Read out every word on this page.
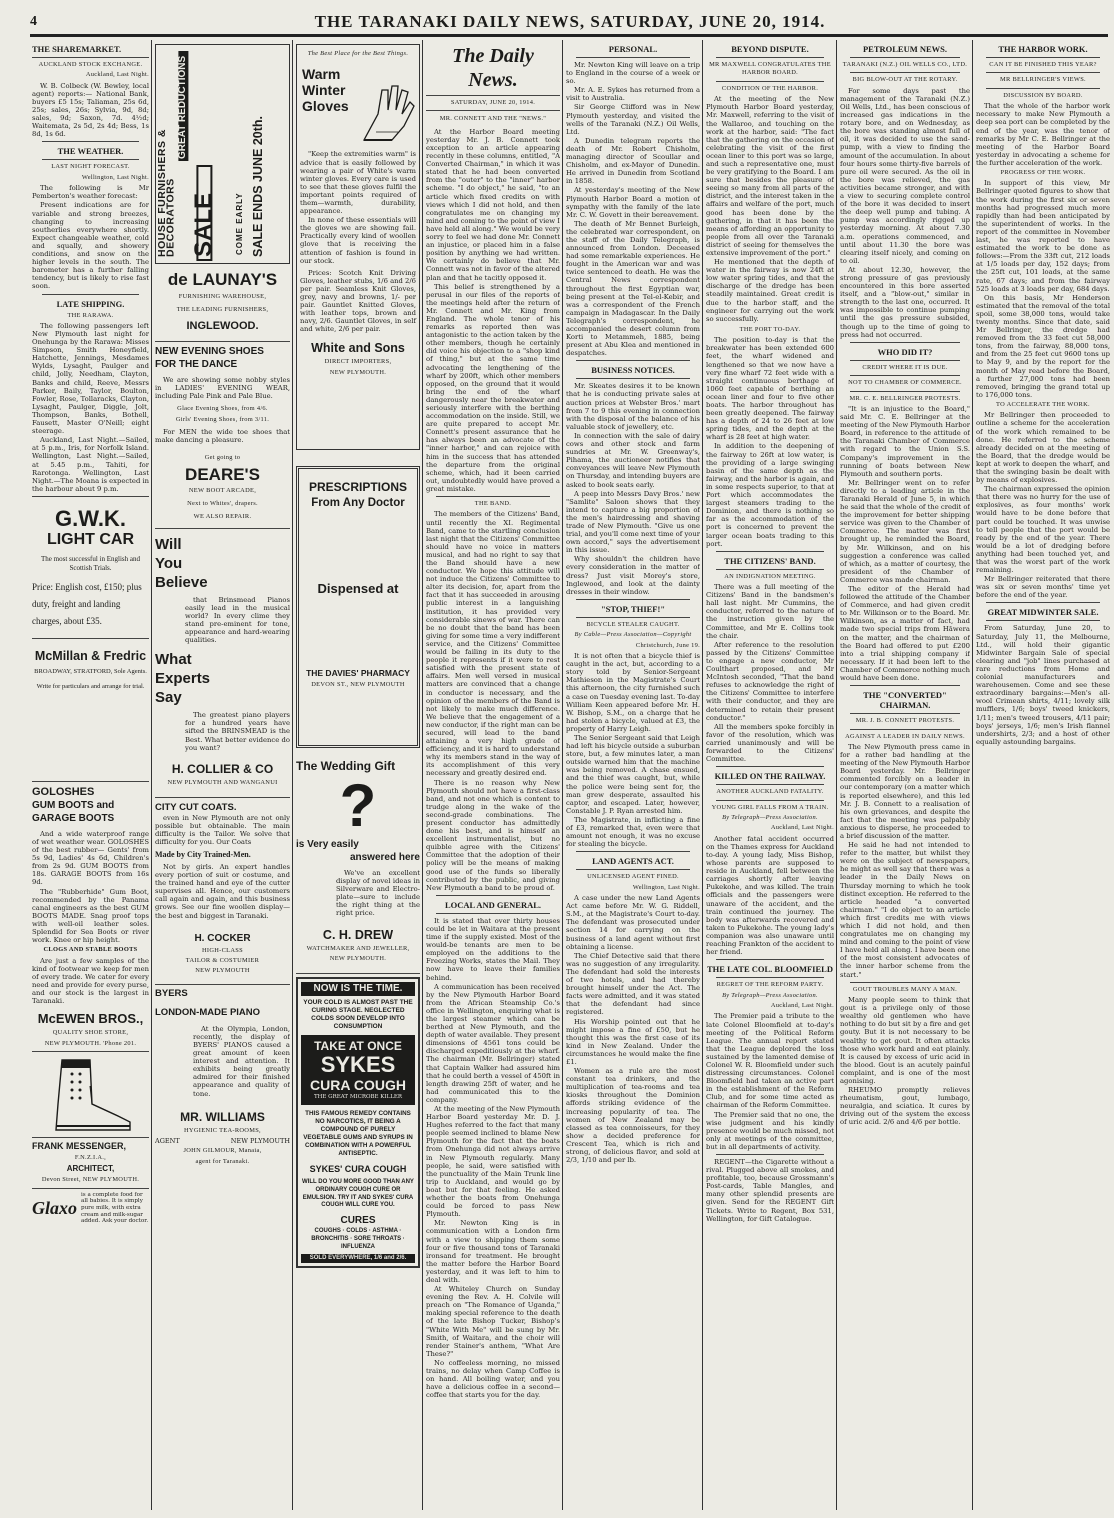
4	THE TARANAKI DAILY NEWS, SATURDAY, JUNE 20, 1914.
THE SHAREMARKET.
AUCKLAND STOCK EXCHANGE.
Auckland, Last Night.

W. B. Colbeck (W. Bewley, local agent) reports:— National Bank, buyers £5 15s; Taliaman, 25s 6d, 25s; sales, 26s; Sylvia, 9d, 8d; sales, 9d; Saxon, 7d. 4½d; Waitemata, 2s 5d, 2s 4d; Bess, 1s 8d, 1s 6d.

THE WEATHER.
LAST NIGHT FORECAST.
Wellington, Last Night.

The following is Mr Pemberton's weather forecast:

Present indications are for variable and strong breezes, changing to increasing southerlies everywhere shortly. Expect changeable weather, cold and squally, and showery conditions, and snow on the higher levels in the south. The barometer has a further falling tendency, but is likely to rise fast soon.

LATE SHIPPING.
THE RARAWA.

The following passengers left New Plymouth last night for Onehunga by the Rarawa: Misses Simpson, Smith Honeyfield, Hatchette, Jennings, Mesdames Wylds, Lysaght, Paulger and child, Jolly, Needham, Clayton, Banks and child, Reeve, Messrs Parker, Baily, Taylor, Boulton, Fowler, Rose, Tollaracks, Clayton, Lysaght, Paulger, Diggle, Jolt, Thompson, Banks, Bothell, Fausett, Master O'Neill; eight steerage.

Auckland, Last Night.—Sailed, at 5 p.m., Iris, for Norfolk Island. Wellington, Last Night.—Sailed, at 5.45 p.m., Tahiti, for Rarotonga. Wellington, Last Night.—The Moana is expected in the harbour about 9 p.m.

G.W.K.
LIGHT CAR
The most successful in English and Scottish Trials.
Price: English cost, £150; plus duty, freight and landing charges, about £35.
McMillan & Fredric
BROADWAY, STRATFORD, Sole Agents.
Write for particulars and arrange for trial.
GOLOSHES
GUM BOOTS and
GARAGE BOOTS

And a wide waterproof range of wet weather wear. GOLOSHES of the best rubber— Gents' from 5s 9d, Ladies' 4s 6d, Children's from 2s 9d. GUM BOOTS from 18s. GARAGE BOOTS from 16s 9d.

The "Rubberhide" Gum Boot, recommended by the Panama canal engineers as the best GUM BOOTS MADE. Snag proof tops with well-oil leather soles. Splendid for Sea Boots or river work. Knee or hip height.

CLOGS AND STABLE BOOTS

Are just a few samples of the kind of footwear we keep for men of every trade. We cater for every need and provide for every purse, and our stock is the largest in Taranaki.

McEWEN BROS.,
QUALITY SHOE STORE,
NEW PLYMOUTH. 'Phone 201.
FRANK MESSENGER,
F.N.Z.I.A.,
ARCHITECT,
Devon Street, NEW PLYMOUTH.
Glaxo
is a complete food for all babies. It is simply pure milk, with extra cream and milk-sugar added. Ask your doctor.
HOUSE FURNISHERS & DECORATORS
GREAT REDUCTIONS
SALE COME EARLY SALE ENDS JUNE 20th.
de LAUNAY'S
FURNISHING WAREHOUSE,
THE LEADING FURNISHERS,
INGLEWOOD.
NEW EVENING SHOES
FOR THE DANCE

We are showing some nobby styles in LADIES' EVENING WEAR, including Pale Pink and Pale Blue.

Glace Evening Shoes, from 4/6.
Girls' Evening Shoes, from 3/11.

For MEN the wide toe shoes that make dancing a pleasure.

Get going to
DEARE'S
NEW BOOT ARCADE,
Next to Whites', drapers.
WE ALSO REPAIR.
Will
You
Believe

that Brinsmead Pianos easily lead in the musical world? In every clime they stand pre-eminent for tone, appearance and hard-wearing qualities.

What
Experts
Say

The greatest piano players for a hundred years have sifted the BRINSMEAD is the Best. What better evidence do you want?

H. COLLIER & CO
NEW PLYMOUTH AND WANGANUI
CITY CUT COATS.

even in New Plymouth are not only possible but obtainable. The main difficulty is the Tailor. We solve that difficulty for you. Our Coats

Made by City Trained-Men.

Not by girls. An expert handles every portion of suit or costume, and the trained hand and eye of the cutter supervises all. Hence, our customers call again and again, and this business grows. See our fine woollen display—the best and biggest in Taranaki.

H. COCKER
HIGH-CLASS
TAILOR & COSTUMIER
NEW PLYMOUTH
BYERS
LONDON-MADE PIANO

At the Olympia, London, recently, the display of BYERS' PIANOS caused a great amount of keen interest and attention. It exhibits being greatly admired for their finished appearance and quality of tone.

MR. WILLIAMS
HYGIENIC TEA-ROOMS,
AGENT	NEW PLYMOUTH
JOHN GILMOUR, Manaia,
agent for Taranaki.
The Best Place for the Best Things.
Warm
Winter
Gloves

"Keep the extremities warm" is advice that is easily followed by wearing a pair of White's warm winter gloves. Every care is used to see that these gloves fulfil the important points required of them—warmth, durability, appearance.

In none of these essentials will the gloves we are showing fail. Practically every kind of woollen glove that is receiving the attention of fashion is found in our stock.

Prices: Scotch Knit Driving Gloves, leather stubs, 1/6 and 2/6 per pair. Seamless Knit Gloves, grey, navy and browns, 1/- per pair. Gauntlet Knitted Gloves, with leather tops, brown and navy, 2/6. Gauntlet Gloves, in self and white, 2/6 per pair.

White and Sons
DIRECT IMPORTERS,
NEW PLYMOUTH.
PRESCRIPTIONS
From Any Doctor
Dispensed at
THE DAVIES' PHARMACY
DEVON ST., NEW PLYMOUTH
The Wedding Gift
?
is Very easily
answered here

We've an excellent display of novel ideas in Silverware and Electro-plate—sure to include the right thing at the right price.

C. H. DREW
WATCHMAKER AND JEWELLER,
NEW PLYMOUTH.
NOW IS THE TIME.
YOUR COLD IS ALMOST PAST THE CURING STAGE. NEGLECTED COLDS SOON DEVELOP INTO CONSUMPTION
TAKE AT ONCE
SYKES
CURA COUGH
THE GREAT MICROBE KILLER
THIS FAMOUS REMEDY CONTAINS NO NARCOTICS, IT BEING A COMPOUND OF PURELY VEGETABLE GUMS AND SYRUPS IN COMBINATION WITH A POWERFUL ANTISEPTIC.
SYKES' CURA COUGH
WILL DO YOU MORE GOOD THAN ANY ORDINARY COUGH CURE OR EMULSION. TRY IT AND SYKES' CURA COUGH WILL CURE YOU.
CURES
COUGHS · COLDS · ASTHMA · BRONCHITIS · SORE THROATS · INFLUENZA
SOLD EVERYWHERE, 1/6 and 2/6.
The Daily News.
SATURDAY, JUNE 20, 1914.
MR. CONNETT AND THE "NEWS."

At the Harbor Board meeting yesterday Mr. J. B. Connett took exception to an article appearing recently in these columns, entitled, "A Converted Chairman," in which it was stated that he had been converted from the "outer" to the "inner" harbor scheme. "I do object," he said, "to an article which fixed credits on with views which I did not hold, and then congratulates me on changing my mind and coming to the point of view I have held all along." We would be very sorry to feel we had done Mr. Connett an injustice, or placed him in a false position by anything we had written. We certainly do believe that Mr. Connett was not in favor of the altered plan and that he tacitly opposed it.

This belief is strengthened by a perusal in our files of the reports of the meetings held after the return of Mr. Connett and Mr. King from England. The whole tenor of his remarks as reported then was antagonistic to the action taken by the other members, though he certainly did voice his objection to a "shop kind of thing," but at the same time advocating the lengthening of the wharf by 200ft, which other members opposed, on the ground that it would bring the end of the wharf dangerously near the breakwater and seriously interfere with the berthing accommodation on the inside. Still, we are quite prepared to accept Mr. Connett's present assurance that he has always been an advocate of the "inner harbor," and can rejoice with him in the success that has attended the departure from the original scheme, which, had it been carried out, undoubtedly would have proved a great mistake.

THE BAND.

The members of the Citizens' Band, until recently the XI. Regimental Band, came to the startling conclusion last night that the Citizens' Committee should have no voice in matters musical, and had no right to say that the Band should have a new conductor. We hope this attitude will not induce the Citizens' Committee to alter its decision, for, apart from the fact that it has succeeded in arousing public interest in a languishing institution, it has provided very considerable sinews of war. There can be no doubt that the band has been giving for some time a very indifferent service, and the Citizens' Committee would be failing in its duty to the people it represents if it were to rest satisfied with the present state of affairs. Men well versed in musical matters are convinced that a change in conductor is necessary, and the opinion of the members of the Band is not likely to make much difference. We believe that the engagement of a new conductor, if the right man can be secured, will lead to the band attaining a very high grade of efficiency, and it is hard to understand why its members stand in the way of its accomplishment of this very necessary and greatly desired end.

There is no reason why New Plymouth should not have a first-class band, and not one which is content to trudge along in the wake of the second-grade combinations. The present conductor has admittedly done his best, and is himself an excellent instrumentalist, but no quibble agree with the Citizens' Committee that the adoption of their policy will be the means of making good use of the funds so liberally contributed by the public, and giving New Plymouth a band to be proud of.

LOCAL AND GENERAL.

It is stated that over thirty houses could be let in Waitara at the present time if the supply existed. Most of the would-be tenants are men to be employed on the additions to the Freezing Works, states the Mail. They now have to leave their families behind.

A communication has been received by the New Plymouth Harbor Board from the African Steamship Co.'s office in Wellington, enquiring what is the largest steamer which can be berthed at New Plymouth, and the depth of water available. They present dimensions of 4561 tons could be discharged expeditiously at the wharf. The chairman (Mr. Bellringer) stated that Captain Walker had assured him that he could berth a vessel of 450ft in length drawing 25ft of water, and he had communicated this to the company.

At the meeting of the New Plymouth Harbor Board yesterday Mr. D. J. Hughes referred to the fact that many people seemed inclined to blame New Plymouth for the fact that the boats from Onehunga did not always arrive in New Plymouth regularly. Many people, he said, were satisfied with the punctuality of the Main Trunk line trip to Auckland, and would go by boat but for that feeling. He asked whether the boats from Onehunga could be forced to pass New Plymouth.

Mr. Newton King is in communication with a London firm with a view to shipping them some four or five thousand tons of Taranaki ironsand for treatment. He brought the matter before the Harbor Board yesterday, and it was left to him to deal with.

At Whiteley Church on Sunday evening the Rev. A. H. Colvile will preach on "The Romance of Uganda," making special reference to the death of the late Bishop Tucker, Bishop's "White With Me" will be sung by Mr. Smith, of Waitara, and the choir will render Stainer's anthem, "What Are These?"

No coffeeless morning, no missed trains, no delay when Camp Coffee is on hand. All boiling water, and you have a delicious coffee in a second—coffee that starts you for the day.

PERSONAL.

Mr. Newton King will leave on a trip to England in the course of a week or so.

Mr. A. E. Sykes has returned from a visit to Australia.

Sir George Clifford was in New Plymouth yesterday, and visited the wells of the Taranaki (N.Z.) Oil Wells, Ltd.

A Dunedin telegram reports the death of Mr. Robert Chisholm, managing director of Scoullar and Chisholm, and ex-Mayor of Dunedin. He arrived in Dunedin from Scotland in 1858.

At yesterday's meeting of the New Plymouth Harbor Board a motion of sympathy with the family of the late Mr. C. W. Govett in their bereavement.

The death of Mr Bennet Burleigh, the celebrated war correspondent, on the staff of the Daily Telegraph, is announced from London. Deceased had some remarkable experiences. He fought in the American war and was twice sentenced to death. He was the Central News correspondent throughout the first Egyptian war, being present at the Tel-el-Kebir, and was a correspondent of the French campaign in Madagascar. In the Daily Telegraph's correspondent, he accompanied the desert column from Korti to Metammeh, 1885, being present at Abu Klea and mentioned in despatches.

BUSINESS NOTICES.

Mr. Skeates desires it to be known that he is conducting private sales at auction prices at Webster Bros.' mart from 7 to 9 this evening in connection with the disposal of the balance of his valuable stock of jewellery, etc.

In connection with the sale of dairy cows and other stock and farm sundries at Mr. W. Greenway's, Pihama, the auctioneer notifies that conveyances will leave New Plymouth on Thursday, and intending buyers are asked to book seats early.

A peep into Messrs Davy Bros.' new "Samlite" Saloon shows that they intend to capture a big proportion of the men's hairdressing and shaving trade of New Plymouth. "Give us one trial, and you'll come next time of your own accord," says the advertisement in this issue.

Why shouldn't the children have every consideration in the matter of dress? Just visit Morey's store, Inglewood, and look at the dainty dresses in their window.

"STOP, THIEF!"
BICYCLE STEALER CAUGHT.
By Cable—Press Association—Copyright
Christchurch, June 19.

It is not often that a bicycle thief is caught in the act, but, according to a story told by Senior-Sergeant Mathieson in the Magistrate's Court this afternoon, the city furnished such a case on Tuesday evening last. To-day William Keen appeared before Mr. H. W. Bishop, S.M., on a charge that he had stolen a bicycle, valued at £3, the property of Harry Leigh.

The Senior Sergeant said that Leigh had left his bicycle outside a suburban store, but, a few minutes later, a man outside warned him that the machine was being removed. A chase ensued, and the thief was caught, but, while the police were being sent for, the man grew desperate, assaulted his captor, and escaped. Later, however, Constable J. P. Ryan arrested him.

The Magistrate, in inflicting a fine of £3, remarked that, even were that amount not enough, it was no excuse for stealing the bicycle.

LAND AGENTS ACT.
UNLICENSED AGENT FINED.
Wellington, Last Night.

A case under the new Land Agents Act came before Mr. W. G. Riddell, S.M., at the Magistrate's Court to-day. The defendant was prosecuted under section 14 for carrying on the business of a land agent without first obtaining a license.

The Chief Detective said that there was no suggestion of any irregularity. The defendant had sold the interests of two hotels, and had thereby brought himself under the Act. The facts were admitted, and it was stated that the defendant had since registered.

His Worship pointed out that he might impose a fine of £50, but he thought this was the first case of its kind in New Zealand. Under the circumstances he would make the fine £1.

Women as a rule are the most constant tea drinkers, and the multiplication of tea-rooms and tea kiosks throughout the Dominion affords striking evidence of the increasing popularity of tea. The women of New Zealand may be classed as tea connoisseurs, for they show a decided preference for Crescent Tea, which is rich and strong, of delicious flavor, and sold at 2/3, 1/10 and per lb.

BEYOND DISPUTE.
MR MAXWELL CONGRATULATES THE HARBOR BOARD.
CONDITION OF THE HARBOR.

At the meeting of the New Plymouth Harbor Board yesterday, Mr. Maxwell, referring to the visit of the Wallaroo, and touching on the work at the harbor, said: "The fact that the gathering on the occasion of celebrating the visit of the first ocean liner to this port was so large, and such a representative one, must be very gratifying to the Board. I am sure that besides the pleasure of seeing so many from all parts of the district, and the interest taken in the affairs and welfare of the port, much good has been done by the gathering, in that it has been the means of affording an opportunity to people from all over the Taranaki district of seeing for themselves the extensive improvement of the port."

He mentioned that the depth of water in the fairway is now 24ft at low water spring tides, and that the discharge of the dredge has been steadily maintained. Great credit is due to the harbor staff, and the engineer for carrying out the work so successfully.

THE PORT TO-DAY.

The position to-day is that the breakwater has been extended 600 feet, the wharf widened and lengthened so that we now have a very fine wharf 72 feet wide with a straight continuous berthage of 1060 feet capable of berthing an ocean liner and four to five other boats. The harbor throughout has been greatly deepened. The fairway has a depth of 24 to 26 feet at low spring tides, and the depth at the wharf is 28 feet at high water.

In addition to the deepening of the fairway to 26ft at low water, is the providing of a large swinging basin of the same depth as the fairway, and the harbor is again, and in some respects superior, to that at Port which accommodates the largest steamers trading to the Dominion, and there is nothing so far as the accommodation of the port is concerned to prevent the larger ocean boats trading to this port.

THE CITIZENS' BAND.
AN INDIGNATION MEETING.

There was a full meeting of the Citizens' Band in the bandsmen's hall last night. Mr Cummins, the conductor, referred to the nature of the instruction given by the Committee, and Mr E. Collins took the chair.

After reference to the resolution passed by the Citizens' Committee to engage a new conductor, Mr Coulthart proposed, and Mr McIntosh seconded, "That the band refuses to acknowledge the right of the Citizens' Committee to interfere with their conductor, and they are determined to retain their present conductor."

All the members spoke forcibly in favor of the resolution, which was carried unanimously and will be forwarded to the Citizens' Committee.

KILLED ON THE RAILWAY.
ANOTHER AUCKLAND FATALITY.
YOUNG GIRL FALLS FROM A TRAIN.
By Telegraph—Press Association.
Auckland, Last Night.

Another fatal accident occurred on the Thames express for Auckland to-day. A young lady, Miss Bishop, whose parents are supposed to reside in Auckland, fell between the carriages shortly after leaving Pukekohe, and was killed. The train officials and the passengers were unaware of the accident, and the train continued the journey. The body was afterwards recovered and taken to Pukekohe. The young lady's companion was also unaware until reaching Frankton of the accident to her friend.

THE LATE COL. BLOOMFIELD
REGRET OF THE REFORM PARTY.
By Telegraph—Press Association.
Auckland, Last Night.

The Premier paid a tribute to the late Colonel Bloomfield at to-day's meeting of the Political Reform League. The annual report stated that the League deplored the loss sustained by the lamented demise of Colonel W. R. Bloomfield under such distressing circumstances. Colonel Bloomfield had taken an active part in the establishment of the Reform Club, and for some time acted as chairman of the Reform Committee.

The Premier said that no one, the wise judgment and his kindly presence would be much missed, not only at meetings of the committee, but in all departments of activity.

REGENT—the Cigarette without a rival. Plugged above all smokes, and profitable, too, because Grossmann's Post-cards, Table Mangles, and many other splendid presents are given. Send for the REGENT Gift Tickets. Write to Regent, Box 531, Wellington, for Gift Catalogue.

PETROLEUM NEWS.
TARANAKI (N.Z.) OIL WELLS CO., LTD.
BIG BLOW-OUT AT THE ROTARY.

For some days past the management of the Taranaki (N.Z.) Oil Wells, Ltd., has been conscious of increased gas indications in the rotary bore, and on Wednesday, as the bore was standing almost full of oil, it was decided to use the sand-pump, with a view to finding the amount of the accumulation. In about four hours some thirty-five barrels of pure oil were secured. As the oil in the bore was relieved, the gas activities became stronger, and with a view to securing complete control of the bore it was decided to insert the deep well pump and tubing. A pump was accordingly rigged up yesterday morning. At about 7.30 a.m. operations commenced, and until about 11.30 the bore was clearing itself nicely, and coming on to oil.

At about 12.30, however, the strong pressure of gas previously encountered in this bore asserted itself, and a "blow-out," similar in strength to the last one, occurred. It was impossible to continue pumping until the gas pressure subsided, though up to the time of going to press had not occurred.

WHO DID IT?
CREDIT WHERE IT IS DUE.
NOT TO CHAMBER OF COMMERCE.
MR. C. E. BELLRINGER PROTESTS.

"It is an injustice to the Board," said Mr. C. E. Bellringer at the meeting of the New Plymouth Harbor Board, in reference to the attitude of the Taranaki Chamber of Commerce with regard to the Union S.S. Company's improvement in the running of boats between New Plymouth and southern ports.

Mr. Bellringer went on to refer directly to a leading article in the Taranaki Herald of June 5, in which he said that the whole of the credit of the improvement for better shipping service was given to the Chamber of Commerce. The matter was first brought up, he reminded the Board, by Mr. Wilkinson, and on his suggestion a conference was called of which, as a matter of courtesy, the president of the Chamber of Commerce was made chairman.

The editor of the Herald had followed the attitude of the Chamber of Commerce, and had given credit to Mr. Wilkinson or to the Board. Mr. Wilkinson, as a matter of fact, had made two special trips from Hāwera on the matter, and the chairman of the Board had offered to put £200 into a trial shipping company if necessary. If it had been left to the Chamber of Commerce nothing much would have been done.

THE "CONVERTED" CHAIRMAN.
MR. J. B. CONNETT PROTESTS.
AGAINST A LEADER IN DAILY NEWS.

The New Plymouth press came in for a rather bad handling at the meeting of the New Plymouth Harbor Board yesterday. Mr. Bellringer commented forcibly on a leader in our contemporary (on a matter which is reported elsewhere), and this led Mr. J. B. Connett to a realisation of his own grievances, and despite the fact that the meeting was palpably anxious to disperse, he proceeded to a brief discussion of the matter.

He said he had not intended to refer to the matter, but whilst they were on the subject of newspapers, he might as well say that there was a leader in the Daily News on Thursday morning to which he took distinct exception. He referred to the article headed "a converted chairman." "I do object to an article which first credits me with views which I did not hold, and then congratulates me on changing my mind and coming to the point of view I have held all along. I have been one of the most consistent advocates of the inner harbor scheme from the start."

GOUT TROUBLES MANY A MAN.

Many people seem to think that gout is a privilege only of those wealthy old gentlemen who have nothing to do but sit by a fire and get gouty. But it is not necessary to be wealthy to get gout. It often attacks those who work hard and eat plainly. It is caused by excess of uric acid in the blood. Gout is an acutely painful complaint, and is one of the most agonising.

RHEUMO promptly relieves rheumatism, gout, lumbago, neuralgia, and sciatica. It cures by driving out of the system the excess of uric acid. 2/6 and 4/6 per bottle.

THE HARBOR WORK.
CAN IT BE FINISHED THIS YEAR?
MR BELLRINGER'S VIEWS.
DISCUSSION BY BOARD.

That the whole of the harbor work necessary to make New Plymouth a deep sea port can be completed by the end of the year, was the tenor of remarks by Mr C. E. Bellringer at the meeting of the Harbor Board yesterday in advocating a scheme for the further acceleration of the work.

PROGRESS OF THE WORK.

In support of this view, Mr Bellringer quoted figures to show that the work during the first six or seven months had progressed much more rapidly than had been anticipated by the superintendent of works. In the report of the committee in November last, he was reported to have estimated the work to be done as follows:—From the 33ft cut, 212 loads at 1/5 loads per day, 152 days; from the 25ft cut, 101 loads, at the same rate, 67 days; and from the fairway 525 loads at 3 loads per day, 684 days.

On this basis, Mr Henderson estimated that the removal of the total spoil, some 38,000 tons, would take twenty months. Since that date, said Mr Bellringer, the dredge had removed from the 33 feet cut 58,000 tons, from the fairway, 88,000 tons, and from the 25 feet cut 9600 tons up to May 9, and by the report for the month of May read before the Board, a further 27,000 tons had been removed, bringing the grand total up to 176,000 tons.

TO ACCELERATE THE WORK.

Mr Bellringer then proceeded to outline a scheme for the acceleration of the work which remained to be done. He referred to the scheme already decided on at the meeting of the Board, that the dredge would be kept at work to deepen the wharf, and that the swinging basin be dealt with by means of explosives.

The chairman expressed the opinion that there was no hurry for the use of explosives, as four months' work would have to be done before that part could be touched. It was unwise to tell people that the port would be ready by the end of the year. There would be a lot of dredging before anything had been touched yet, and that was the worst part of the work remaining.

Mr Bellringer reiterated that there was six or seven months' time yet before the end of the year.

GREAT MIDWINTER SALE.

From Saturday, June 20, to Saturday, July 11, the Melbourne, Ltd., will hold their gigantic Midwinter Bargain Sale of special clearing and "job" lines purchased at rare reductions from Home and colonial manufacturers and warehousemen. Come and see these extraordinary bargains:—Men's all-wool Crimean shirts, 4/11; lovely silk mufflers, 1/6; boys' tweed knickers, 1/11; men's tweed trousers, 4/11 pair; boys' jerseys, 1/6; men's Irish flannel undershirts, 2/3; and a host of other equally astounding bargains.
